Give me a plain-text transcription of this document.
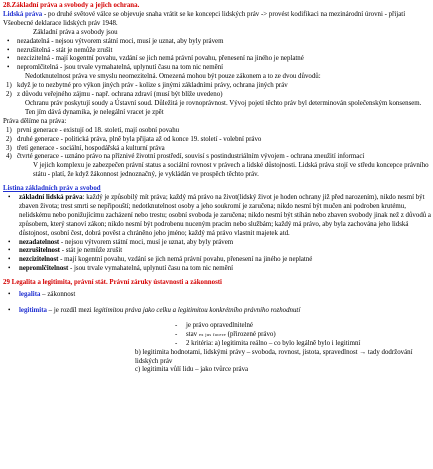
28.Základní práva a svobody a jejich ochrana.

Lidská práva - po druhé světové válce se objevuje snaha vrátit se ke koncepci lidských práv -> provést kodifikaci na mezinárodní úrovni - přijatí Všeobecné deklarace lidských práv 1948.

Základní práva a svobody jsou

• nezadatelná - nejsou výtvorem státní moci, musí je uznat, aby byly právem

• nezrušitelná - stát je nemůže zrušit

• nezcizitelná - mají kogentní povahu, vzdání se jich nemá právní povahu, přenesení na jiného je neplatné

• nepromlčitelná - jsou trvale vymahatelná, uplynutí času na tom nic nemění

Nedotknutelnost práva ve smyslu neomezitelná. Omezená mohou být pouze zákonem a to ze dvou důvodů:

1) když je to nezbytné pro výkon jiných práv - kolize s jinými základními právy, ochrana jiných práv

2) z důvodu veřejného zájmu - např. ochrana zdraví (musí být blíže uvedeno)

Ochranu práv poskytují soudy a Ústavní soud. Důležitá je rovnoprávnost. Vývoj pojetí těchto práv byl determinován společenským konsensem. Ten jím dává dynamika, je nelegální vracet je zpět

Práva dělíme na práva:

1) prvni generace - existují od 18. století, mají osobní povahu

2) druhé generace - politická práva, plně byla přijata až od konce 19. století - volební právo

3) třetí generace - sociální, hospodářská a kulturní práva

4) čtvrté generace - uznáno právo na příznivé životní prostředí, souvisí s postindustriálním vývojem - ochrana zneužití informací

V jejich komplexu je zabezpečen právní status a sociální rovnost v právech a lidské důstojnosti. Lidská práva stojí ve středu koncepce právního státu - platí, že když žákonnost jednoznačný, je vykládán ve prospěch těchto práv.

Listina základních práv a svobod

• základní lidská práva: každý je způsobilý mít práva; každý má právo na život(lidský život je hoden ochrany již před narozením), nikdo nesmí být zbaven života; trest smrti se nepřipouští; nedotknutelnost osoby a jeho soukromí je zaručena; nikdo nesmí být mučen ani podroben krutému, nelidskému nebo ponižujícímu zacházení nebo trestu; osobní svoboda je zaručena; nikdo nesmí být stíhán nebo zbaven svobody jinak než z důvodů a způsobem, který stanoví zákon; nikdo nesmí být podrobenu nuceným pracím nebo službám; každý má právo, aby byla zachována jeho lidská důstojnost, osobní čest, dobrá pověst a chráněno jeho jméno; každý má právo vlastnit majetek atd.

• nezadatelnost - nejsou výtvorem státní moci, musí je uznat, aby byly právem

• nezrušitelnost - stát je nemůže zrušit

• nezcizitelnost - mají kogentní povahu, vzdání se jich nemá právní povahu, přenesení na jiného je neplatné

• nepromlčitelnost - jsou trvale vymahatelná, uplynutí času na tom nic nemění

29 Legalita a legitimita, právní stát. Právní záruky ústavnosti a zákonnosti

• legalita – zákonnost

• legitimita – je rozdíl mezi legitimitou práva jako celku a legitimitou konkrétního právního rozhodnutí

- je právo opravedlnitelné

- stav ex jus facere (přirozené právo)

- 2 kritéria: a) legitimita reálno – co bylo legálně bylo i legitimní

b) legitimita hodnotami, lidskými právy – svoboda, rovnost, jistota, spravedlnost → tady dodržování lidských práv

c) legitimita vůlí lidu – jako tvůrce práva
